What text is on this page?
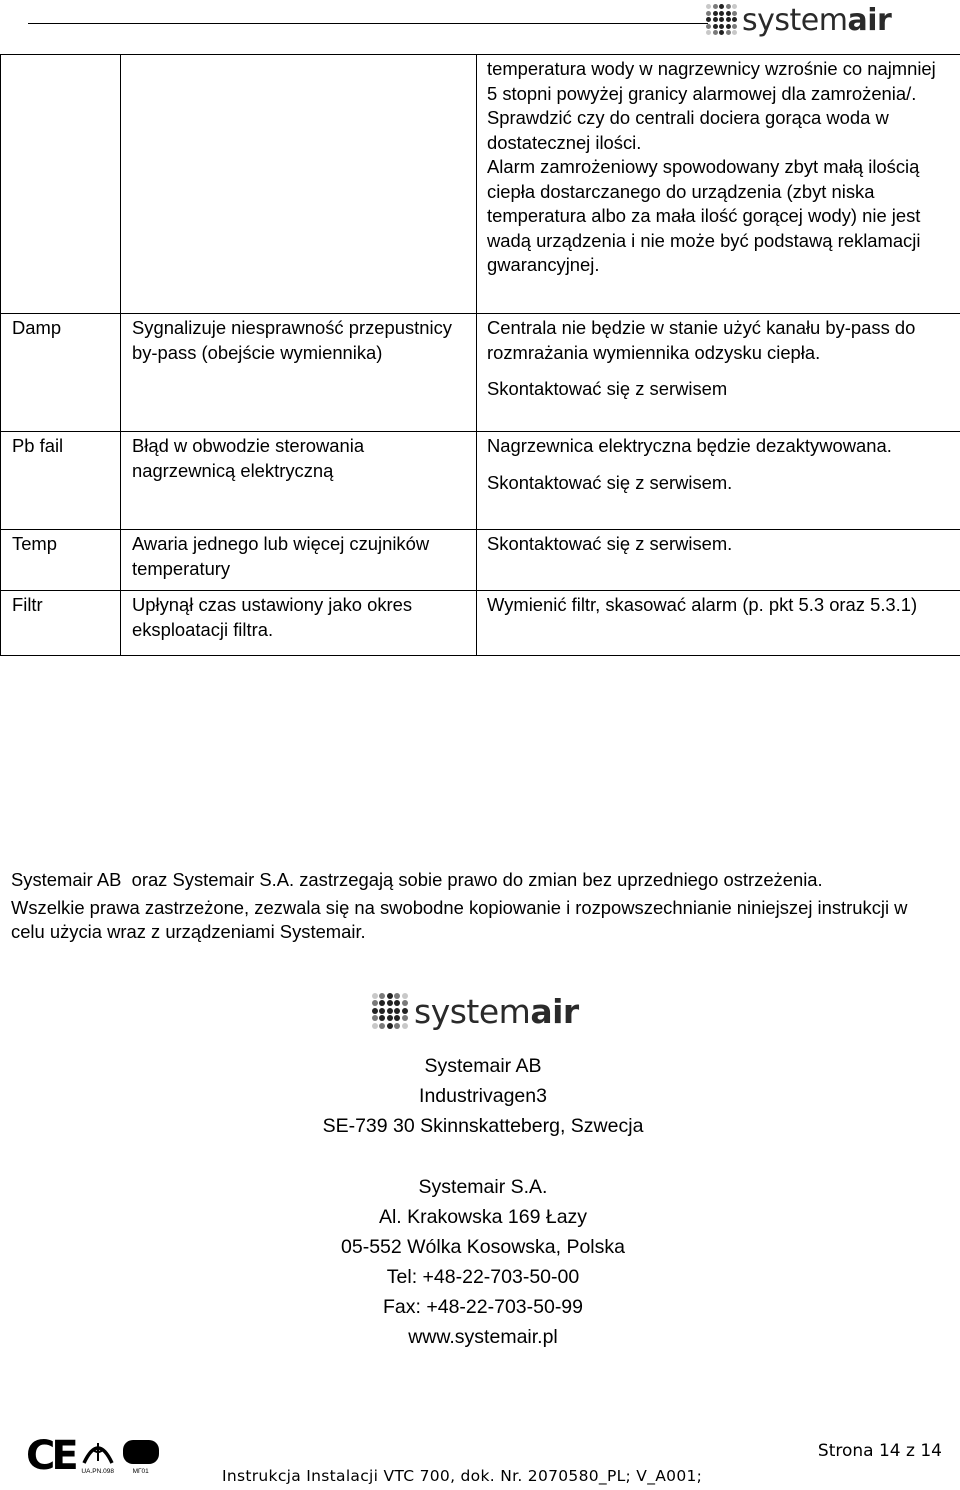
systemair

		temperatura wody w nagrzewnicy wzrośnie co najmniej 5 stopni powyżej granicy alarmowej dla zamrożenia/.
Sprawdzić czy do centrali dociera gorąca woda w dostatecznej ilości.
Alarm zamrożeniowy spowodowany zbyt małą ilością ciepła dostarczanego do urządzenia (zbyt niska temperatura albo za mała ilość gorącej wody) nie jest wadą urządzenia i nie może być podstawą reklamacji gwarancyjnej.

Damp	Sygnalizuje niesprawność przepustnicy by-pass (obejście wymiennika)	Centrala nie będzie w stanie użyć kanału by-pass do rozmrażania wymiennika odzysku ciepła.
Skontaktować się z serwisem

Pb fail	Błąd w obwodzie sterowania nagrzewnicą elektryczną	Nagrzewnica elektryczna będzie dezaktywowana.
Skontaktować się z serwisem.

Temp	Awaria jednego lub więcej czujników temperatury	Skontaktować się z serwisem.

Filtr	Upłynął czas ustawiony jako okres eksploatacji filtra.	Wymienić filtr, skasować alarm (p. pkt 5.3 oraz 5.3.1)

Systemair AB  oraz Systemair S.A. zastrzegają sobie prawo do zmian bez uprzedniego ostrzeżenia.

Wszelkie prawa zastrzeżone, zezwala się na swobodne kopiowanie i rozpowszechnianie niniejszej instrukcji w celu użycia wraz z urządzeniami Systemair.

systemair
Systemair AB
Industrivagen3
SE-739 30 Skinnskatteberg, Szwecja
Systemair S.A.
Al. Krakowska 169 Łazy
05-552 Wólka Kosowska, Polska
Tel: +48-22-703-50-00
Fax: +48-22-703-50-99
www.systemair.pl
CE UA.PN.098	МГ01
Strona 14 z 14
Instrukcja Instalacji VTC 700, dok. Nr. 2070580_PL; V_A001;
